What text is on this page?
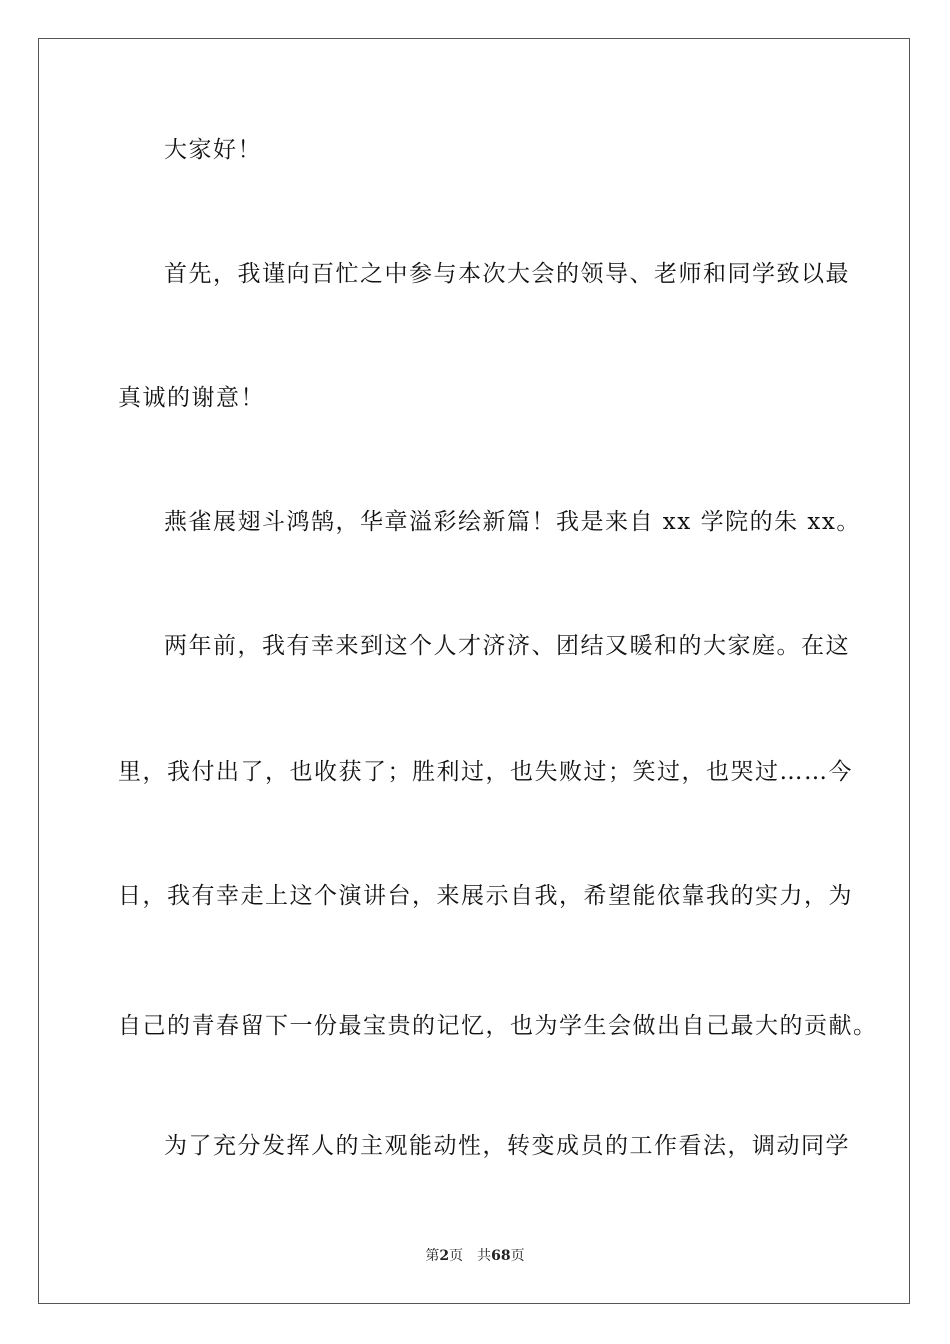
大家好！
首先，我谨向百忙之中参与本次大会的领导、老师和同学致以最
真诚的谢意！
燕雀展翅斗鸿鹄，华章溢彩绘新篇！我是来自 xx 学院的朱 xx。
两年前，我有幸来到这个人才济济、团结又暖和的大家庭。在这
里，我付出了，也收获了；胜利过，也失败过；笑过，也哭过……今
日，我有幸走上这个演讲台，来展示自我，希望能依靠我的实力，为
自己的青春留下一份最宝贵的记忆，也为学生会做出自己最大的贡献。
为了充分发挥人的主观能动性，转变成员的工作看法，调动同学
第2页 共68页
